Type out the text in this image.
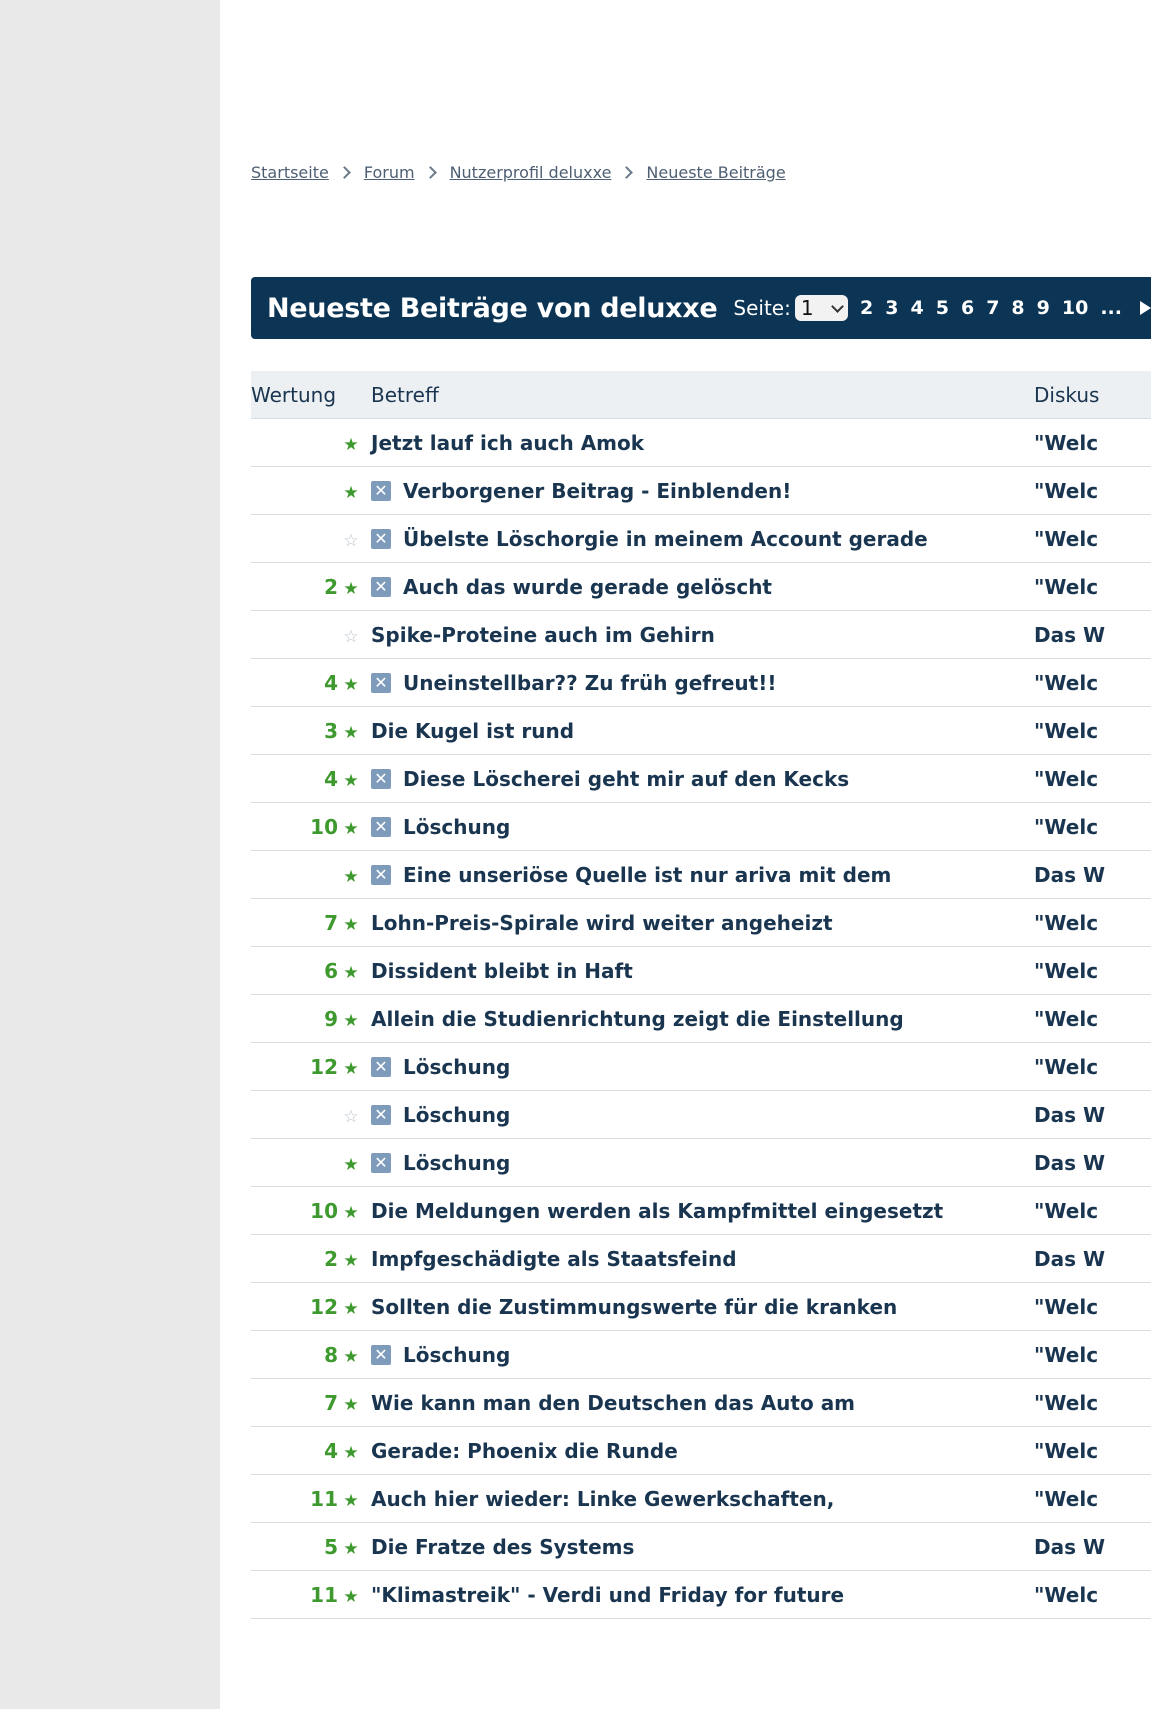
Startseite Forum Nutzerprofil deluxxe Neueste Beiträge
Neueste Beiträge von deluxxe Seite: 1 2 3 4 5 6 7 8 9 10 ...
Wertung	Betreff	Diskus
★	Jetzt lauf ich auch Amok	"Welc
★	✕ Verborgener Beitrag - Einblenden!	"Welc
☆	✕ Übelste Löschorgie in meinem Account gerade	"Welc
2 ★	✕ Auch das wurde gerade gelöscht	"Welc
☆	Spike-Proteine auch im Gehirn	Das W
4 ★	✕ Uneinstellbar?? Zu früh gefreut!!	"Welc
3 ★	Die Kugel ist rund	"Welc
4 ★	✕ Diese Löscherei geht mir auf den Kecks	"Welc
10 ★	✕ Löschung	"Welc
★	✕ Eine unseriöse Quelle ist nur ariva mit dem	Das W
7 ★	Lohn-Preis-Spirale wird weiter angeheizt	"Welc
6 ★	Dissident bleibt in Haft	"Welc
9 ★	Allein die Studienrichtung zeigt die Einstellung	"Welc
12 ★	✕ Löschung	"Welc
☆	✕ Löschung	Das W
★	✕ Löschung	Das W
10 ★	Die Meldungen werden als Kampfmittel eingesetzt	"Welc
2 ★	Impfgeschädigte als Staatsfeind	Das W
12 ★	Sollten die Zustimmungswerte für die kranken	"Welc
8 ★	✕ Löschung	"Welc
7 ★	Wie kann man den Deutschen das Auto am	"Welc
4 ★	Gerade: Phoenix die Runde	"Welc
11 ★	Auch hier wieder: Linke Gewerkschaften,	"Welc
5 ★	Die Fratze des Systems	Das W
11 ★	"Klimastreik" - Verdi und Friday for future	"Welc
